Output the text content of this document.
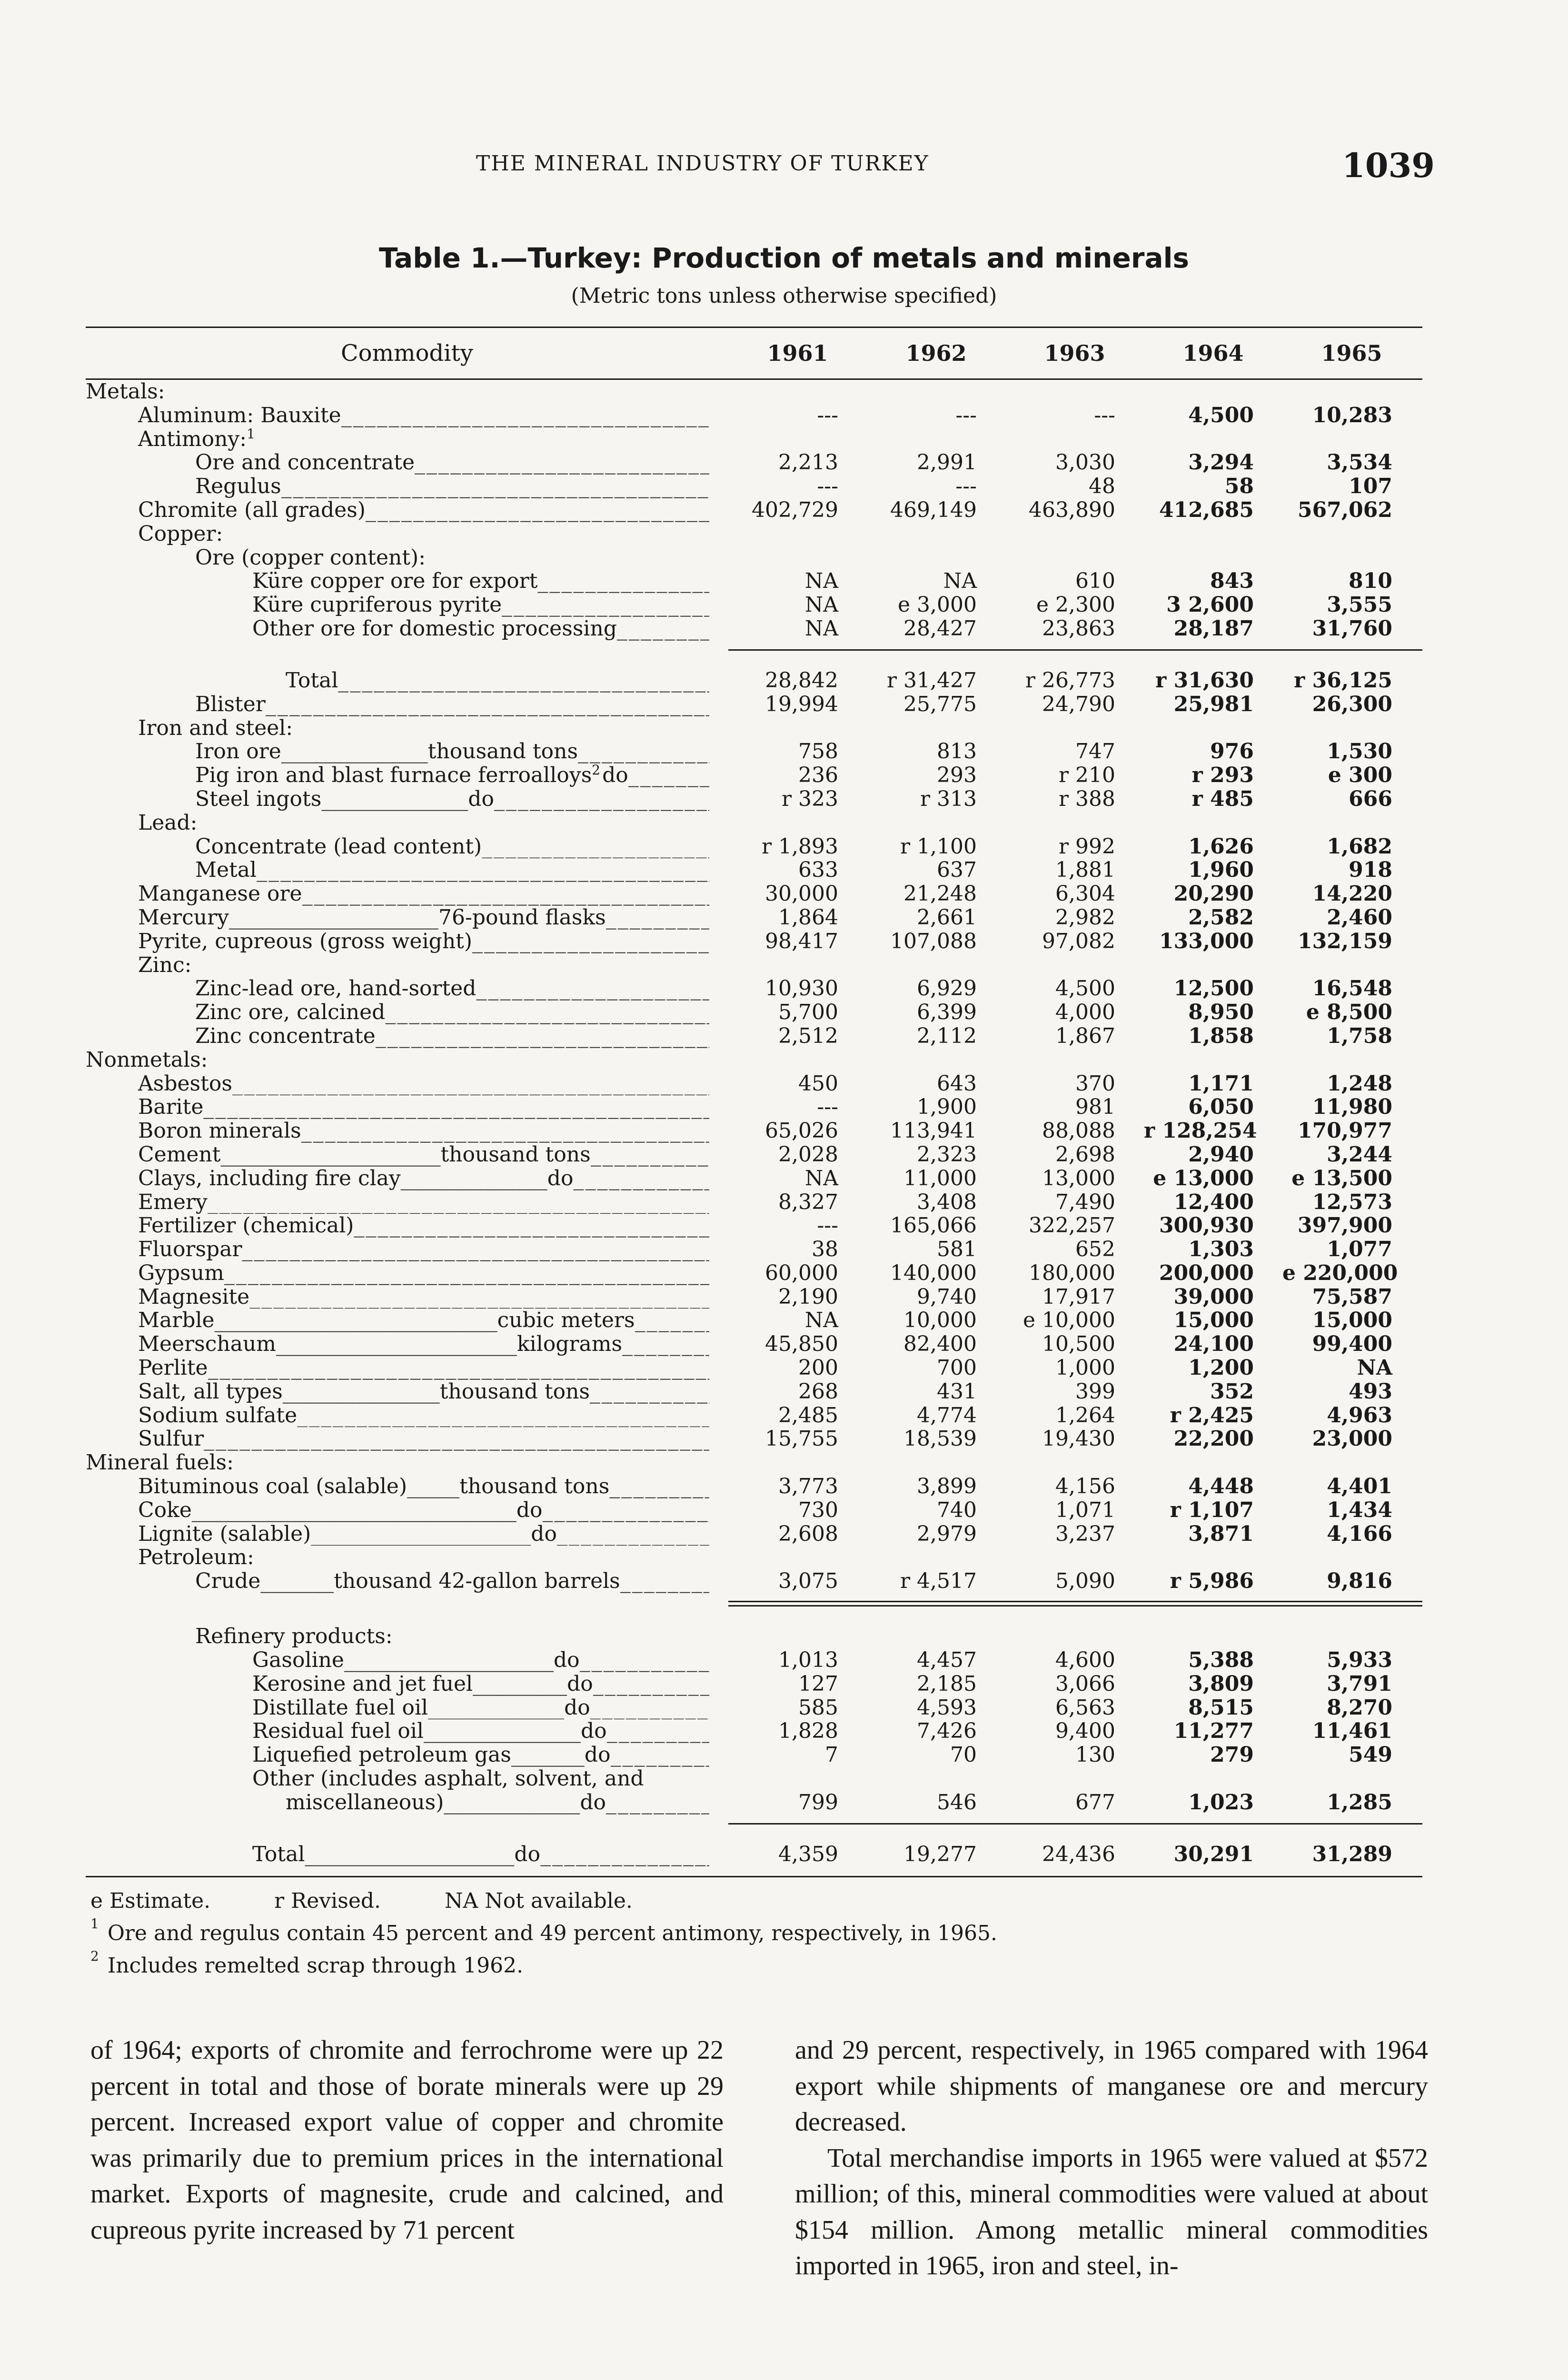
THE MINERAL INDUSTRY OF TURKEY	1039
Table 1.—Turkey: Production of metals and minerals
(Metric tons unless otherwise specified)
Commodity	1961	1962	1963	1964	1965
Metals:
Aluminum: Bauxite _____	---	---	---	4,500	10,283
Antimony: 1
Ore and concentrate _____	2,213	2,991	3,030	3,294	3,534
Regulus _____	---	---	48	58	107
Chromite (all grades) _____	402,729	469,149	463,890	412,685	567,062
Copper:
Ore (copper content):
Küre copper ore for export _____	NA	NA	610	843	810
Küre cupriferous pyrite _____	NA	e 3,000	e 2,300	3 2,600	3,555
Other ore for domestic processing _____	NA	28,427	23,863	28,187	31,760
Total _____	28,842	r 31,427	r 26,773	r 31,630	r 36,125
Blister _____	19,994	25,775	24,790	25,981	26,300
Iron and steel:
Iron ore______________thousand tons _____	758	813	747	976	1,530
Pig iron and blast furnace ferroalloys 2 do _____	236	293	r 210	r 293	e 300
Steel ingots______________do _____	r 323	r 313	r 388	r 485	666
Lead:
Concentrate (lead content) _____	r 1,893	r 1,100	r 992	1,626	1,682
Metal _____	633	637	1,881	1,960	918
Manganese ore _____	30,000	21,248	6,304	20,290	14,220
Mercury____________________76-pound flasks _____	1,864	2,661	2,982	2,582	2,460
Pyrite, cupreous (gross weight) _____	98,417	107,088	97,082	133,000	132,159
Zinc:
Zinc-lead ore, hand-sorted _____	10,930	6,929	4,500	12,500	16,548
Zinc ore, calcined _____	5,700	6,399	4,000	8,950	e 8,500
Zinc concentrate _____	2,512	2,112	1,867	1,858	1,758
Nonmetals:
Asbestos _____	450	643	370	1,171	1,248
Barite _____	---	1,900	981	6,050	11,980
Boron minerals _____	65,026	113,941	88,088	r 128,254	170,977
Cement_____________________thousand tons _____	2,028	2,323	2,698	2,940	3,244
Clays, including fire clay______________do _____	NA	11,000	13,000	e 13,000	e 13,500
Emery _____	8,327	3,408	7,490	12,400	12,573
Fertilizer (chemical) _____	---	165,066	322,257	300,930	397,900
Fluorspar _____	38	581	652	1,303	1,077
Gypsum _____	60,000	140,000	180,000	200,000	e 220,000
Magnesite _____	2,190	9,740	17,917	39,000	75,587
Marble___________________________cubic meters _____	NA	10,000	e 10,000	15,000	15,000
Meerschaum_______________________kilograms _____	45,850	82,400	10,500	24,100	99,400
Perlite _____	200	700	1,000	1,200	NA
Salt, all types_______________thousand tons _____	268	431	399	352	493
Sodium sulfate _____	2,485	4,774	1,264	r 2,425	4,963
Sulfur _____	15,755	18,539	19,430	22,200	23,000
Mineral fuels:
Bituminous coal (salable)_____thousand tons _____	3,773	3,899	4,156	4,448	4,401
Coke_______________________________do _____	730	740	1,071	r 1,107	1,434
Lignite (salable)_____________________do _____	2,608	2,979	3,237	3,871	4,166
Petroleum:
Crude_______thousand 42-gallon barrels _____	3,075	r 4,517	5,090	r 5,986	9,816
Refinery products:
Gasoline____________________do _____	1,013	4,457	4,600	5,388	5,933
Kerosine and jet fuel_________do _____	127	2,185	3,066	3,809	3,791
Distillate fuel oil_____________do _____	585	4,593	6,563	8,515	8,270
Residual fuel oil_______________do _____	1,828	7,426	9,400	11,277	11,461
Liquefied petroleum gas_______do _____	7	70	130	279	549
Other (includes asphalt, solvent, and
miscellaneous)_____________do _____	799	546	677	1,023	1,285
Total____________________do _____	4,359	19,277	24,436	30,291	31,289
e Estimate.	r Revised.	NA Not available.
$^1$ Ore and regulus contain 45 percent and 49 percent antimony, respectively, in 1965.
$^2$ Includes remelted scrap through 1962.

of 1964; exports of chromite and ferrochrome were up 22 percent in total and those of borate minerals were up 29 percent. Increased export value of copper and chromite was primarily due to premium prices in the international market. Exports of magnesite, crude and calcined, and cupreous pyrite increased by 71 percent

and 29 percent, respectively, in 1965 compared with 1964 export while shipments of manganese ore and mercury decreased.

Total merchandise imports in 1965 were valued at $572 million; of this, mineral commodities were valued at about $154 million. Among metallic mineral commodities imported in 1965, iron and steel, in-
